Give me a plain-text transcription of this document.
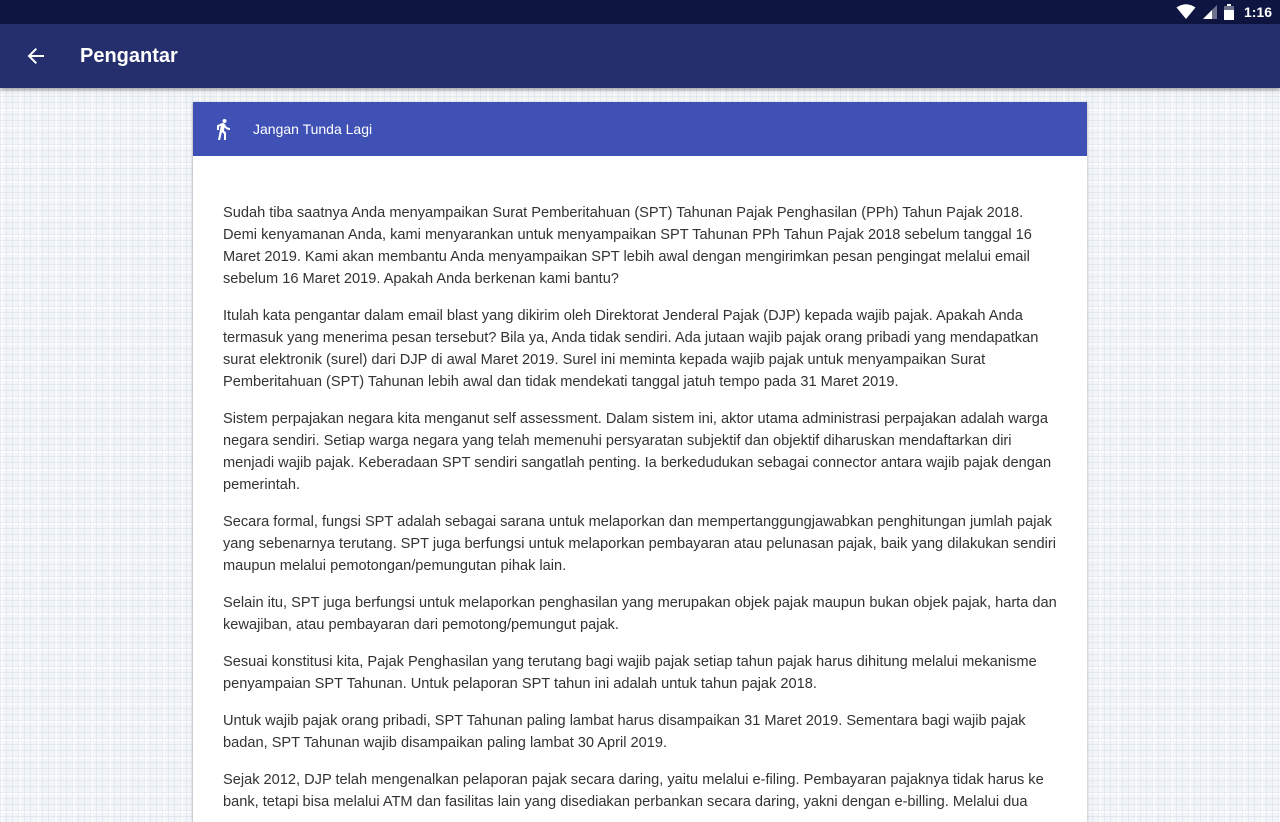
1:16
Pengantar
Jangan Tunda Lagi

Sudah tiba saatnya Anda menyampaikan Surat Pemberitahuan (SPT) Tahunan Pajak Penghasilan (PPh) Tahun Pajak 2018. Demi kenyamanan Anda, kami menyarankan untuk menyampaikan SPT Tahunan PPh Tahun Pajak 2018 sebelum tanggal 16 Maret 2019. Kami akan membantu Anda menyampaikan SPT lebih awal dengan mengirimkan pesan pengingat melalui email sebelum 16 Maret 2019. Apakah Anda berkenan kami bantu?

Itulah kata pengantar dalam email blast yang dikirim oleh Direktorat Jenderal Pajak (DJP) kepada wajib pajak. Apakah Anda termasuk yang menerima pesan tersebut? Bila ya, Anda tidak sendiri. Ada jutaan wajib pajak orang pribadi yang mendapatkan surat elektronik (surel) dari DJP di awal Maret 2019. Surel ini meminta kepada wajib pajak untuk menyampaikan Surat Pemberitahuan (SPT) Tahunan lebih awal dan tidak mendekati tanggal jatuh tempo pada 31 Maret 2019.

Sistem perpajakan negara kita menganut self assessment. Dalam sistem ini, aktor utama administrasi perpajakan adalah warga negara sendiri. Setiap warga negara yang telah memenuhi persyaratan subjektif dan objektif diharuskan mendaftarkan diri menjadi wajib pajak. Keberadaan SPT sendiri sangatlah penting. Ia berkedudukan sebagai connector antara wajib pajak dengan pemerintah.

Secara formal, fungsi SPT adalah sebagai sarana untuk melaporkan dan mempertanggungjawabkan penghitungan jumlah pajak yang sebenarnya terutang. SPT juga berfungsi untuk melaporkan pembayaran atau pelunasan pajak, baik yang dilakukan sendiri maupun melalui pemotongan/pemungutan pihak lain.

Selain itu, SPT juga berfungsi untuk melaporkan penghasilan yang merupakan objek pajak maupun bukan objek pajak, harta dan kewajiban, atau pembayaran dari pemotong/pemungut pajak.

Sesuai konstitusi kita, Pajak Penghasilan yang terutang bagi wajib pajak setiap tahun pajak harus dihitung melalui mekanisme penyampaian SPT Tahunan. Untuk pelaporan SPT tahun ini adalah untuk tahun pajak 2018.

Untuk wajib pajak orang pribadi, SPT Tahunan paling lambat harus disampaikan 31 Maret 2019. Sementara bagi wajib pajak badan, SPT Tahunan wajib disampaikan paling lambat 30 April 2019.

Sejak 2012, DJP telah mengenalkan pelaporan pajak secara daring, yaitu melalui e-filing. Pembayaran pajaknya tidak harus ke bank, tetapi bisa melalui ATM dan fasilitas lain yang disediakan perbankan secara daring, yakni dengan e-billing. Melalui dua
